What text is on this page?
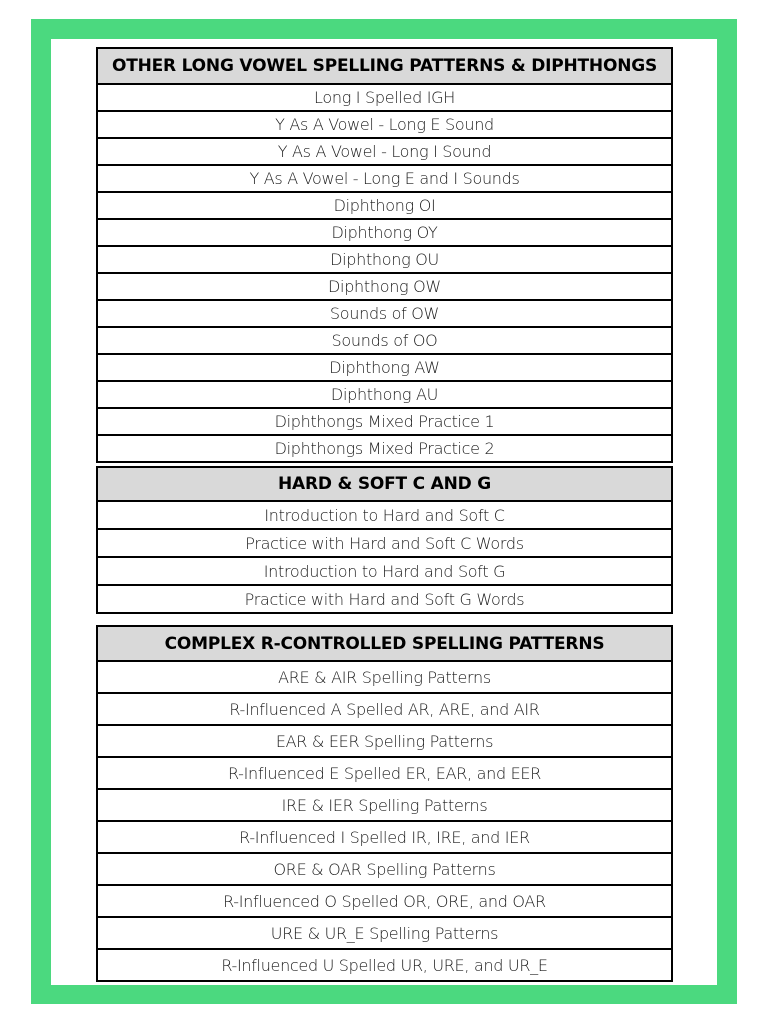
OTHER LONG VOWEL SPELLING PATTERNS & DIPHTHONGS
Long I Spelled IGH
Y As A Vowel - Long E Sound
Y As A Vowel - Long I Sound
Y As A Vowel - Long E and I Sounds
Diphthong OI
Diphthong OY
Diphthong OU
Diphthong OW
Sounds of OW
Sounds of OO
Diphthong AW
Diphthong AU
Diphthongs Mixed Practice 1
Diphthongs Mixed Practice 2
HARD & SOFT C AND G
Introduction to Hard and Soft C
Practice with Hard and Soft C Words
Introduction to Hard and Soft G
Practice with Hard and Soft G Words
COMPLEX R-CONTROLLED SPELLING PATTERNS
ARE & AIR Spelling Patterns
R-Influenced A Spelled AR, ARE, and AIR
EAR & EER Spelling Patterns
R-Influenced E Spelled ER, EAR, and EER
IRE & IER Spelling Patterns
R-Influenced I Spelled IR, IRE, and IER
ORE & OAR Spelling Patterns
R-Influenced O Spelled OR, ORE, and OAR
URE & UR_E Spelling Patterns
R-Influenced U Spelled UR, URE, and UR_E
